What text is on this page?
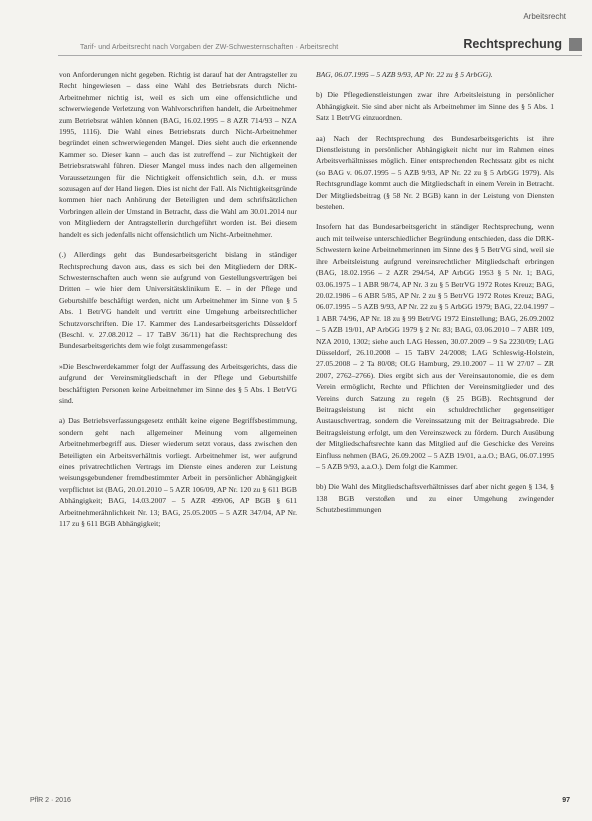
Arbeitsrecht
Tarif- und Arbeitsrecht nach Vorgaben der ZW-Schwesternschaften · Arbeitsrecht	Rechtsprechung

von Anforderungen nicht gegeben. Richtig ist darauf hat der Antragsteller zu Recht hingewiesen – dass eine Wahl des Betriebsrats durch Nicht-Arbeitnehmer nichtig ist, weil es sich um eine offensichtliche und schwerwiegende Verletzung von Wahlvorschriften handelt, die Arbeitnehmer zum Betriebsrat wählen können (BAG, 16.02.1995 – 8 AZR 714/93 – NZA 1995, 1116). Die Wahl eines Betriebsrats durch Nicht-Arbeitnehmer begründet einen schwerwiegenden Mangel. Dies sieht auch die erkennende Kammer so. Dieser kann – auch das ist zutreffend – zur Nichtigkeit der Betriebsratswahl führen. Dieser Mangel muss indes nach den allgemeinen Voraussetzungen für die Nichtigkeit offensichtlich sein, d.h. er muss sozusagen auf der Hand liegen. Dies ist nicht der Fall. Als Nichtigkeitsgründe kommen hier nach Anhörung der Beteiligten und dem schriftsätzlichen Vorbringen allein der Umstand in Betracht, dass die Wahl am 30.01.2014 nur von Mitgliedern der Antragstellerin durchgeführt worden ist. Bei diesem handelt es sich jedenfalls nicht offensichtlich um Nicht-Arbeitnehmer.

(.) Allerdings geht das Bundesarbeitsgericht bislang in ständiger Rechtsprechung davon aus, dass es sich bei den Mitgliedern der DRK-Schwesternschaften auch wenn sie aufgrund von Gestellungsverträgen bei Dritten – wie hier dem Universitätsklinikum E. – in der Pflege und Geburtshilfe beschäftigt werden, nicht um Arbeitnehmer im Sinne von § 5 Abs. 1 BetrVG handelt und vertritt eine Umgehung arbeitsrechtlicher Schutzvorschriften. Die 17. Kammer des Landesarbeitsgerichts Düsseldorf (Beschl. v. 27.08.2012 – 17 TaBV 36/11) hat die Rechtsprechung des Bundesarbeitsgerichts dem wie folgt zusammengefasst:

»Die Beschwerdekammer folgt der Auffassung des Arbeitsgerichts, dass die aufgrund der Vereinsmitgliedschaft in der Pflege und Geburtshilfe beschäftigten Personen keine Arbeitnehmer im Sinne des § 5 Abs. 1 BetrVG sind.

a) Das Betriebsverfassungsgesetz enthält keine eigene Begriffsbestimmung, sondern geht nach allgemeiner Meinung vom allgemeinen Arbeitnehmerbegriff aus. Dieser wiederum setzt voraus, dass zwischen den Beteiligten ein Arbeitsverhältnis vorliegt. Arbeitnehmer ist, wer aufgrund eines privatrechtlichen Vertrags im Dienste eines anderen zur Leistung weisungsgebundener fremdbestimmter Arbeit in persönlicher Abhängigkeit verpflichtet ist (BAG, 20.01.2010 – 5 AZR 106/09, AP Nr. 120 zu § 611 BGB Abhängigkeit; BAG, 14.03.2007 – 5 AZR 499/06, AP BGB § 611 Arbeitnehmerähnlichkeit Nr. 13; BAG, 25.05.2005 – 5 AZR 347/04, AP Nr. 117 zu § 611 BGB Abhängigkeit;

BAG, 06.07.1995 – 5 AZB 9/93, AP Nr. 22 zu § 5 ArbGG).

b) Die Pflegedienstleistungen zwar ihre Arbeitsleistung in persönlicher Abhängigkeit. Sie sind aber nicht als Arbeitnehmer im Sinne des § 5 Abs. 1 Satz 1 BetrVG einzuordnen.

aa) Nach der Rechtsprechung des Bundesarbeitsgerichts ist ihre Dienstleistung in persönlicher Abhängigkeit nicht nur im Rahmen eines Arbeitsverhältnisses möglich. Einer entsprechenden Rechtssatz gibt es nicht (so BAG v. 06.07.1995 – 5 AZB 9/93, AP Nr. 22 zu § 5 ArbGG 1979). Als Rechtsgrundlage kommt auch die Mitgliedschaft in einem Verein in Betracht. Der Mitgliedsbeitrag (§ 58 Nr. 2 BGB) kann in der Leistung von Diensten bestehen.

Insofern hat das Bundesarbeitsgericht in ständiger Rechtsprechung, wenn auch mit teilweise unterschiedlicher Begründung entschieden, dass die DRK-Schwestern keine Arbeitnehmerinnen im Sinne des § 5 BetrVG sind, weil sie ihre Arbeitsleistung aufgrund vereinsrechtlicher Mitgliedschaft erbringen (BAG, 18.02.1956 – 2 AZR 294/54, AP ArbGG 1953 § 5 Nr. 1; BAG, 03.06.1975 – 1 ABR 98/74, AP Nr. 3 zu § 5 BetrVG 1972 Rotes Kreuz; BAG, 20.02.1986 – 6 ABR 5/85, AP Nr. 2 zu § 5 BetrVG 1972 Rotes Kreuz; BAG, 06.07.1995 – 5 AZB 9/93, AP Nr. 22 zu § 5 ArbGG 1979; BAG, 22.04.1997 – 1 ABR 74/96, AP Nr. 18 zu § 99 BetrVG 1972 Einstellung; BAG, 26.09.2002 – 5 AZB 19/01, AP ArbGG 1979 § 2 Nr. 83; BAG, 03.06.2010 – 7 ABR 109, NZA 2010, 1302; siehe auch LAG Hessen, 30.07.2009 – 9 Sa 2230/09; LAG Düsseldorf, 26.10.2008 – 15 TaBV 24/2008; LAG Schleswig-Holstein, 27.05.2008 – 2 Ta 80/08; OLG Hamburg, 29.10.2007 – 11 W 27/07 – ZR 2007, 2762–2766). Dies ergibt sich aus der Vereinsautonomie, die es dem Verein ermöglicht, Rechte und Pflichten der Vereinsmitglieder und des Vereins durch Satzung zu regeln (§ 25 BGB). Rechtsgrund der Beitragsleistung ist nicht ein schuldrechtlicher gegenseitiger Austauschvertrag, sondern die Vereinssatzung mit der Beitragsabrede. Die Beitragsleistung erfolgt, um den Vereinszweck zu fördern. Durch Ausübung der Mitgliedschaftsrechte kann das Mitglied auf die Geschicke des Vereins Einfluss nehmen (BAG, 26.09.2002 – 5 AZB 19/01, a.a.O.; BAG, 06.07.1995 – 5 AZB 9/93, a.a.O.). Dem folgt die Kammer.

bb) Die Wahl des Mitgliedschaftsverhältnisses darf aber nicht gegen § 134, § 138 BGB verstoßen und zu einer Umgehung zwingender Schutzbestimmungen

PflR 2 · 2016	97
